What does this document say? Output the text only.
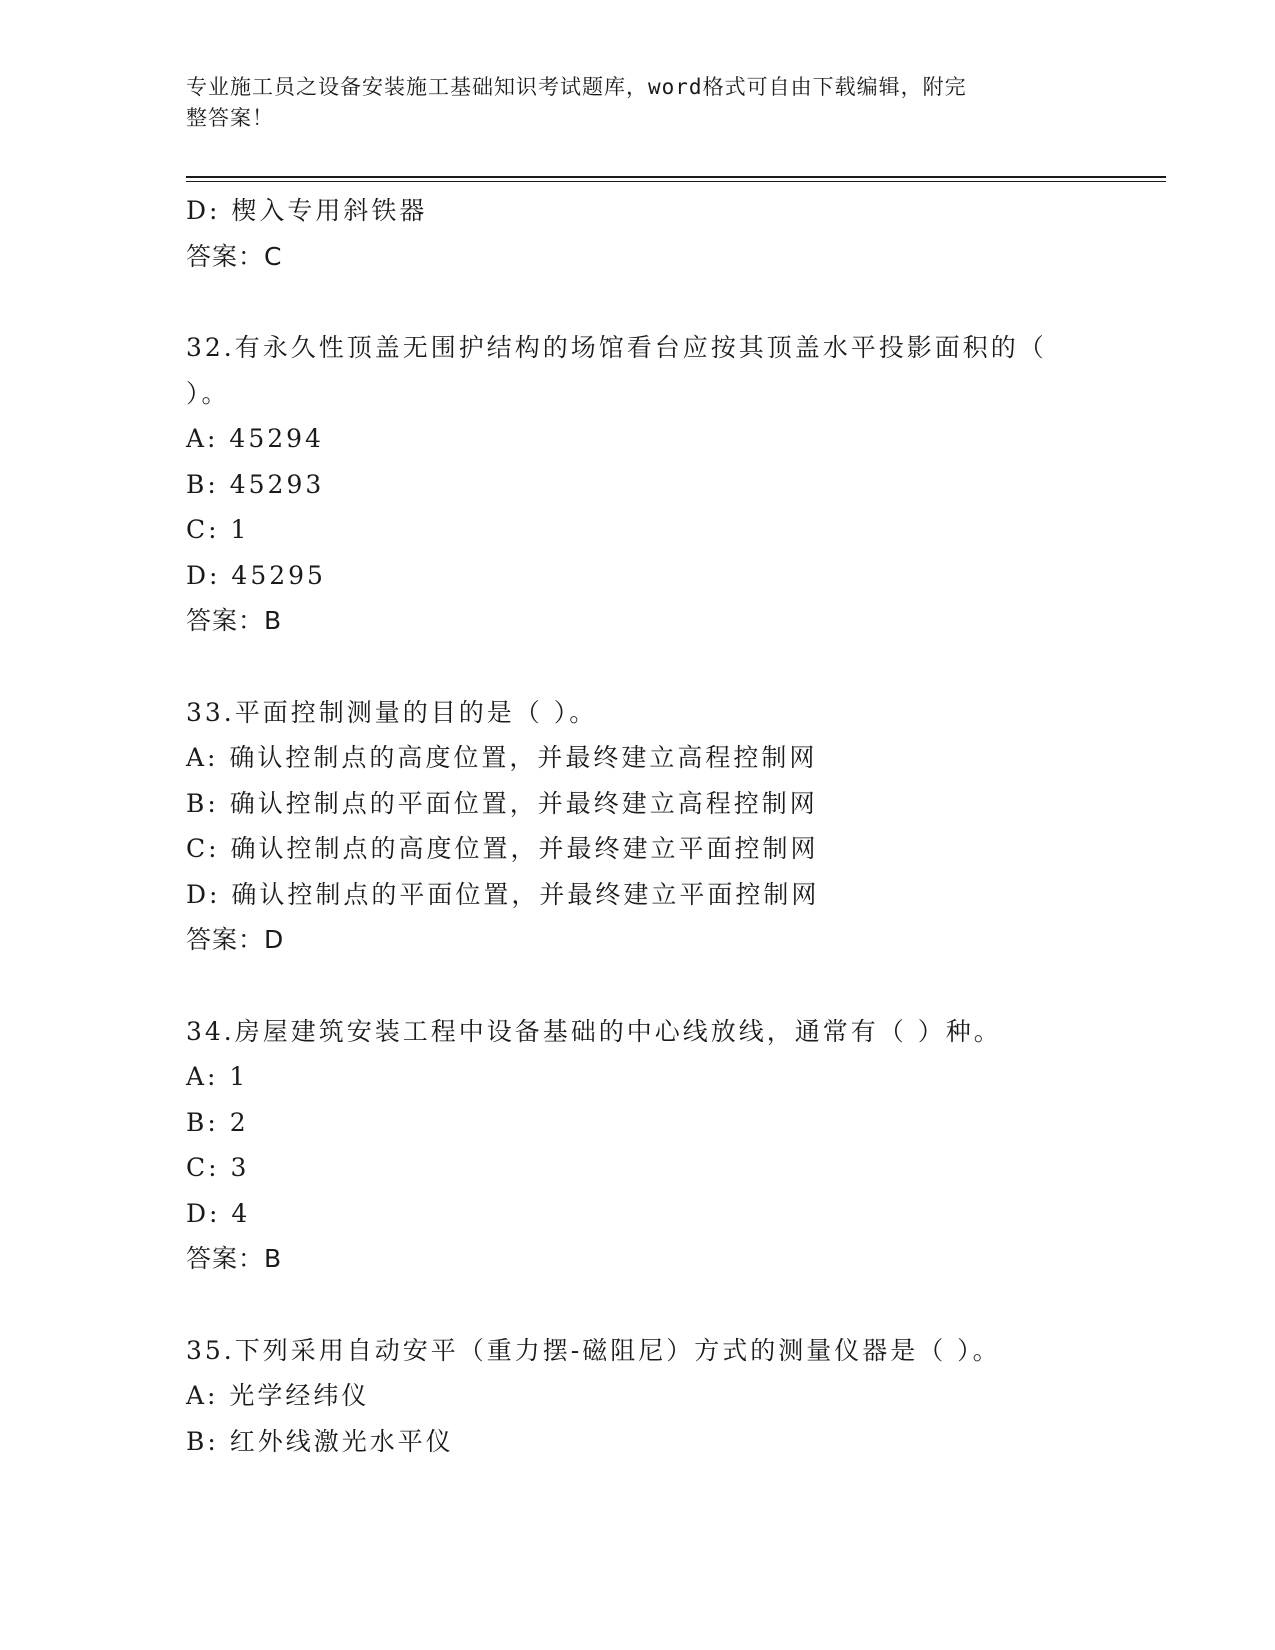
专业施工员之设备安装施工基础知识考试题库，word格式可自由下载编辑，附完
整答案！
D: 楔入专用斜铁器
答案：C
32.有永久性顶盖无围护结构的场馆看台应按其顶盖水平投影面积的（
）。
A: 45294
B: 45293
C: 1
D: 45295
答案：B
33.平面控制测量的目的是（ ）。
A: 确认控制点的高度位置，并最终建立高程控制网
B: 确认控制点的平面位置，并最终建立高程控制网
C: 确认控制点的高度位置，并最终建立平面控制网
D: 确认控制点的平面位置，并最终建立平面控制网
答案：D
34.房屋建筑安装工程中设备基础的中心线放线，通常有（ ）种。
A: 1
B: 2
C: 3
D: 4
答案：B
35.下列采用自动安平（重力摆-磁阻尼）方式的测量仪器是（ ）。
A: 光学经纬仪
B: 红外线激光水平仪
